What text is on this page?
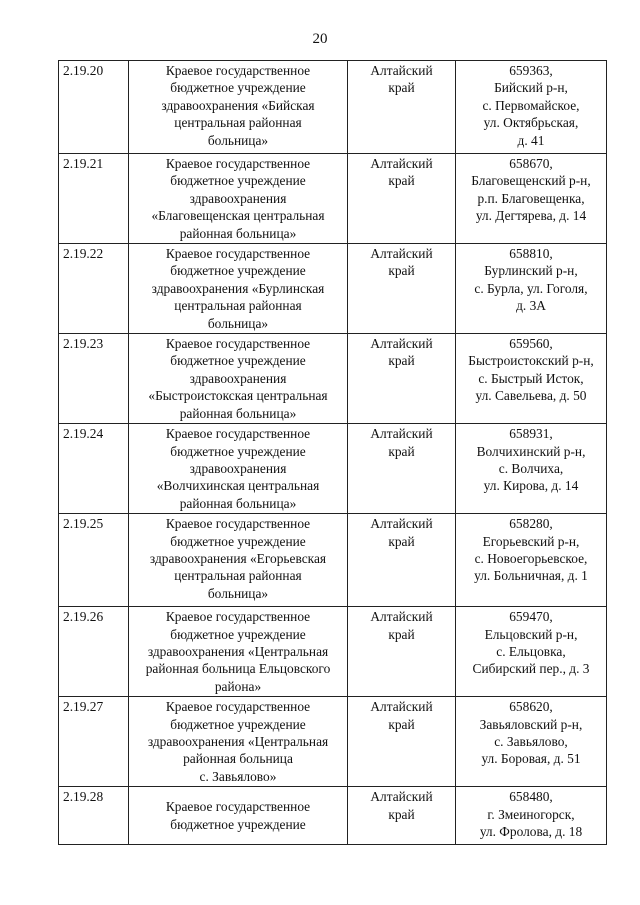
20
2.19.20	Краевое государственное
бюджетное учреждение
здравоохранения «Бийская
центральная районная
больница»	Алтайский
край	659363,
Бийский р-н,
с. Первомайское,
ул. Октябрьская,
д. 41

2.19.21	Краевое государственное
бюджетное учреждение
здравоохранения
«Благовещенская центральная
районная больница»	Алтайский
край	658670,
Благовещенский р-н,
р.п. Благовещенка,
ул. Дегтярева, д. 14

2.19.22	Краевое государственное
бюджетное учреждение
здравоохранения «Бурлинская
центральная районная
больница»	Алтайский
край	658810,
Бурлинский р-н,
с. Бурла, ул. Гоголя,
д. 3А

2.19.23	Краевое государственное
бюджетное учреждение
здравоохранения
«Быстроистокская центральная
районная больница»	Алтайский
край	659560,
Быстроистокский р-н,
с. Быстрый Исток,
ул. Савельева, д. 50

2.19.24	Краевое государственное
бюджетное учреждение
здравоохранения
«Волчихинская центральная
районная больница»	Алтайский
край	658931,
Волчихинский р-н,
с. Волчиха,
ул. Кирова, д. 14

2.19.25	Краевое государственное
бюджетное учреждение
здравоохранения «Егорьевская
центральная районная
больница»	Алтайский
край	658280,
Егорьевский р-н,
с. Новоегорьевское,
ул. Больничная, д. 1

2.19.26	Краевое государственное
бюджетное учреждение
здравоохранения «Центральная
районная больница Ельцовского
района»	Алтайский
край	659470,
Ельцовский р-н,
с. Ельцовка,
Сибирский пер., д. 3

2.19.27	Краевое государственное
бюджетное учреждение
здравоохранения «Центральная
районная больница
с. Завьялово»	Алтайский
край	658620,
Завьяловский р-н,
с. Завьялово,
ул. Боровая, д. 51

2.19.28	Краевое государственное
бюджетное учреждение	Алтайский
край	658480,
г. Змеиногорск,
ул. Фролова, д. 18
